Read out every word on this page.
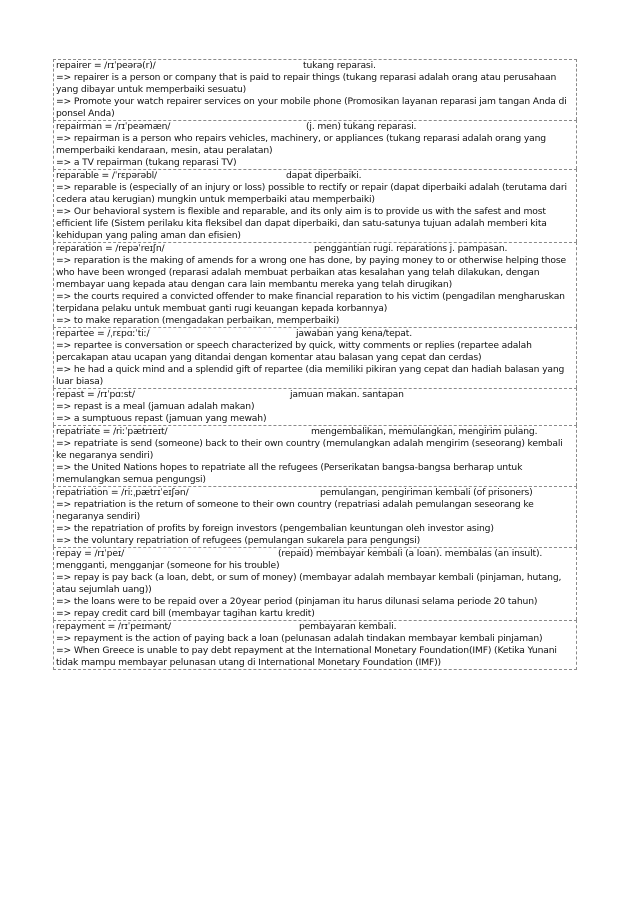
repairer = /rɪˈpeərə(r)/	tukang reparasi.

=> repairer is a person or company that is paid to repair things (tukang reparasi adalah orang atau perusahaan yang dibayar untuk memperbaiki sesuatu)

=> Promote your watch repairer services on your mobile phone (Promosikan layanan reparasi jam tangan Anda di ponsel Anda)

repairman = /rɪˈpeəmæn/	(j. men) tukang reparasi.

=> repairman is a person who repairs vehicles, machinery, or appliances (tukang reparasi adalah orang yang memperbaiki kendaraan, mesin, atau peralatan)

=> a TV repairman (tukang reparasi TV)

reparable = /ˈrɛpərəbl/	dapat diperbaiki.

=> reparable is (especially of an injury or loss) possible to rectify or repair (dapat diperbaiki adalah (terutama dari cedera atau kerugian) mungkin untuk memperbaiki atau memperbaiki)

=> Our behavioral system is flexible and reparable, and its only aim is to provide us with the safest and most efficient life (Sistem perilaku kita fleksibel dan dapat diperbaiki, dan satu-satunya tujuan adalah memberi kita kehidupan yang paling aman dan efisien)

reparation = /repəˈreɪʃn/	penggantian rugi. reparations j. pampasan.

=> reparation is the making of amends for a wrong one has done, by paying money to or otherwise helping those who have been wronged (reparasi adalah membuat perbaikan atas kesalahan yang telah dilakukan, dengan membayar uang kepada atau dengan cara lain membantu mereka yang telah dirugikan)

=> the courts required a convicted offender to make financial reparation to his victim (pengadilan mengharuskan terpidana pelaku untuk membuat ganti rugi keuangan kepada korbannya)

=> to make reparation (mengadakan perbaikan, memperbaiki)

repartee = /ˌrɛpɑːˈtiː/	jawaban yang kena/tepat.

=> repartee is conversation or speech characterized by quick, witty comments or replies (repartee adalah percakapan atau ucapan yang ditandai dengan komentar atau balasan yang cepat dan cerdas)

=> he had a quick mind and a splendid gift of repartee (dia memiliki pikiran yang cepat dan hadiah balasan yang luar biasa)

repast = /rɪˈpɑːst/	jamuan makan. santapan

=> repast is a meal (jamuan adalah makan)

=> a sumptuous repast (jamuan yang mewah)

repatriate = /riːˈpætrɪeɪt/	mengembalikan, memulangkan, mengirim pulang.

=> repatriate is send (someone) back to their own country (memulangkan adalah mengirim (seseorang) kembali ke negaranya sendiri)

=> the United Nations hopes to repatriate all the refugees (Perserikatan bangsa-bangsa berharap untuk memulangkan semua pengungsi)

repatriation = /riːˌpætrɪˈeɪʃən/	pemulangan, pengiriman kembali (of prisoners)

=> repatriation is the return of someone to their own country (repatriasi adalah pemulangan seseorang ke negaranya sendiri)

=> the repatriation of profits by foreign investors (pengembalian keuntungan oleh investor asing)

=> the voluntary repatriation of refugees (pemulangan sukarela para pengungsi)

repay = /rɪˈpeɪ/	(repaid) membayar kembali (a loan). membalas (an insult). mengganti, mengganjar (someone for his trouble)

=> repay is pay back (a loan, debt, or sum of money) (membayar adalah membayar kembali (pinjaman, hutang, atau sejumlah uang))

=> the loans were to be repaid over a 20year period (pinjaman itu harus dilunasi selama periode 20 tahun)

=> repay credit card bill (membayar tagihan kartu kredit)

repayment = /rɪˈpeɪmənt/	pembayaran kembali.

=> repayment is the action of paying back a loan (pelunasan adalah tindakan membayar kembali pinjaman)

=> When Greece is unable to pay debt repayment at the International Monetary Foundation(IMF) (Ketika Yunani tidak mampu membayar pelunasan utang di International Monetary Foundation (IMF))
